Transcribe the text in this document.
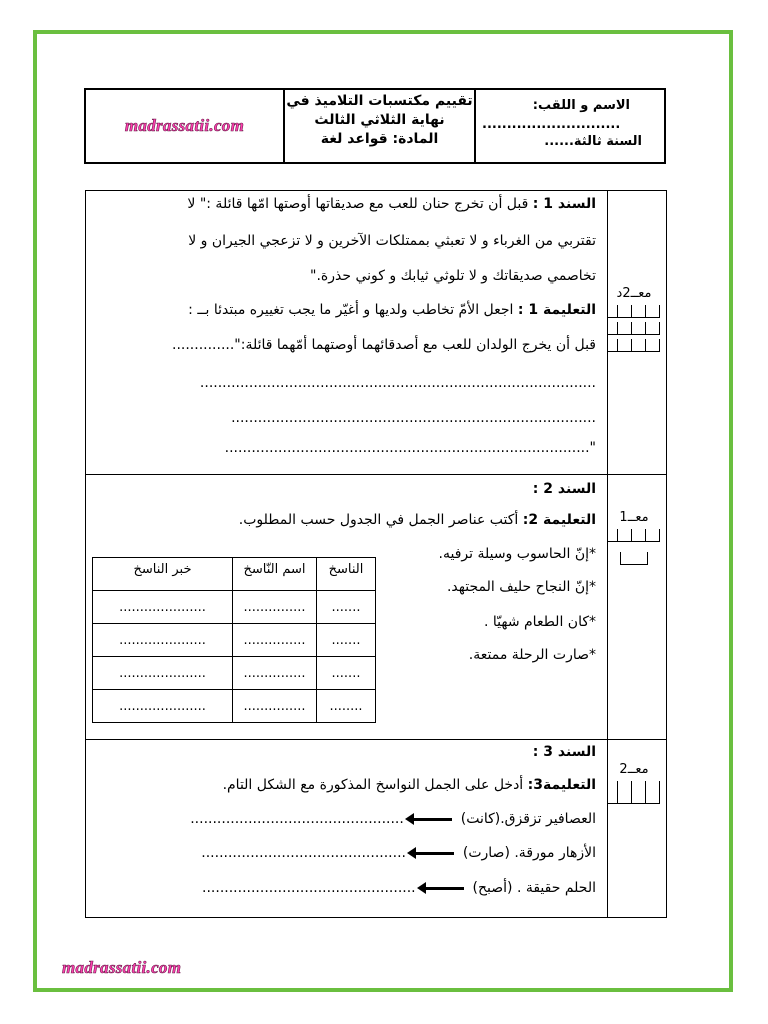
madrassatii.com
تقييم مكتسبات التلاميذ في
نهاية الثلاثي الثالث
المادة: قواعد لغة
الاسم و اللقب:
............................
السنة ثالثة......
السند 1 : قبل أن تخرج حنان للعب مع صديقاتها أوصتها امّها قائلة :" لا
تقتربي من الغرباء و لا تعبثي بممتلكات الآخرين و لا تزعجي الجيران و لا
تخاصمي صديقاتك و لا تلوثي ثيابك و كوني حذرة."
التعليمة 1 : اجعل الأمّ تخاطب ولديها و أغيّر ما يجب تغييره مبتدئا بــ :
قبل أن يخرج الولدان للعب مع أصدقائهما أوصتهما أمّهما قائلة:"..............
.........................................................................................
..................................................................................
"..................................................................................
معــ2د
السند 2 :
التعليمة 2: أكتب عناصر الجمل في الجدول حسب المطلوب.
*إنّ الحاسوب وسيلة ترفيه.
*إنّ النجاح حليف المجتهد.
*كان الطعام شهيّا .
*صارت الرحلة ممتعة.
الناسخ	اسم النّاسخ	خبر الناسخ
.......	...............	.....................
.......	...............	.....................
.......	...............	.....................
........	...............	.....................
معــ1
السند 3 :
التعليمة3: أدخل على الجمل النواسخ المذكورة مع الشكل التام.
العصافير تزقزق.(كانت)  ................................................
الأزهار مورقة. (صارت)  ..............................................
الحلم حقيقة . (أصبح)  ................................................
معــ2
madrassatii.com
